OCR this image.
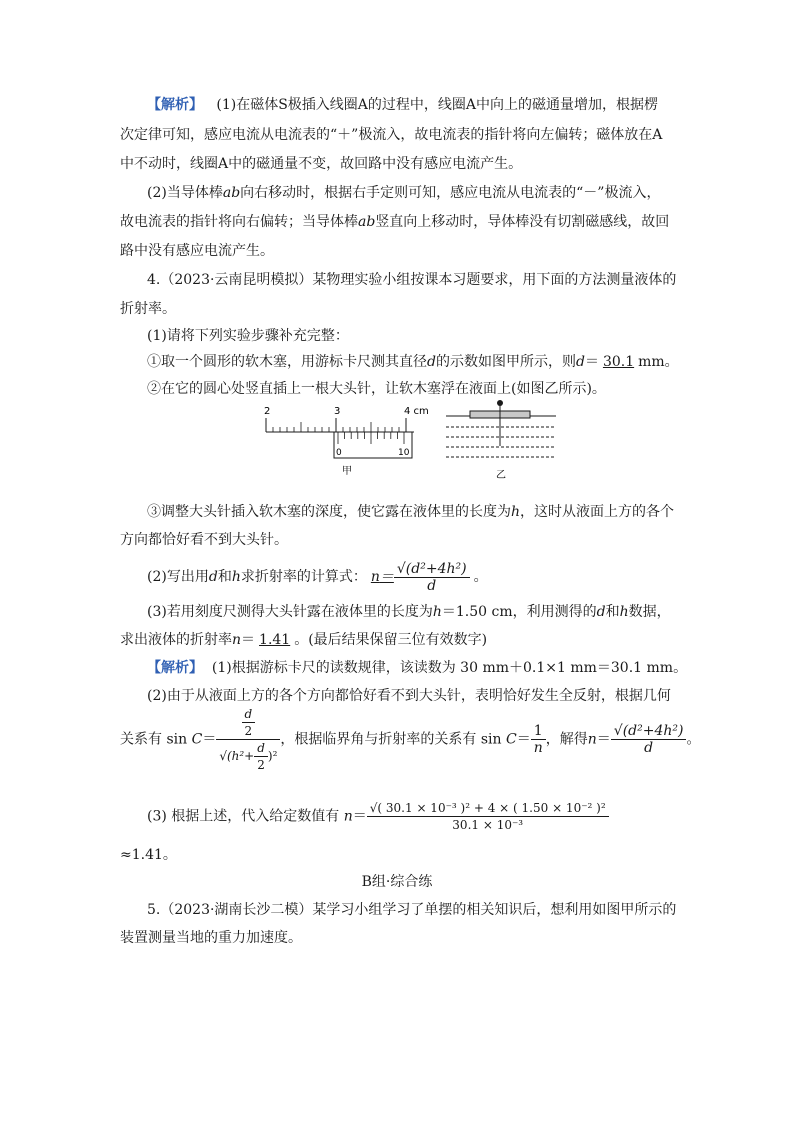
【解析】 (1)在磁体S极插入线圈A的过程中，线圈A中向上的磁通量增加，根据楞
次定律可知，感应电流从电流表的“＋”极流入，故电流表的指针将向左偏转；磁体放在A
中不动时，线圈A中的磁通量不变，故回路中没有感应电流产生。
(2)当导体棒ab向右移动时，根据右手定则可知，感应电流从电流表的“－”极流入，
故电流表的指针将向右偏转；当导体棒ab竖直向上移动时，导体棒没有切割磁感线，故回
路中没有感应电流产生。
4.（2023·云南昆明模拟）某物理实验小组按课本习题要求，用下面的方法测量液体的
折射率。
(1)请将下列实验步骤补充完整：
①取一个圆形的软木塞，用游标卡尺测其直径d的示数如图甲所示，则d＝ 30.1 mm。
②在它的圆心处竖直插上一根大头针，让软木塞浮在液面上(如图乙所示)。
2	3	4 cm
0	10
甲	乙
③调整大头针插入软木塞的深度，使它露在液体里的长度为h，这时从液面上方的各个
方向都恰好看不到大头针。
(2)写出用d和h求折射率的计算式： $n= \frac{\text{√(d²+4h²)}}{d}$ 。
(3)若用刻度尺测得大头针露在液体里的长度为h＝1.50 cm，利用测得的d和h数据，
求出液体的折射率n＝ 1.41 。(最后结果保留三位有效数字)
【解析】 (1)根据游标卡尺的读数规律，该读数为 30 mm＋0.1×1 mm＝30.1 mm。
(2)由于从液面上方的各个方向都恰好看不到大头针，表明恰好发生全反射，根据几何
关系有 $\sin C= \frac{\frac{d}{2}}{√(h^2+ \frac{d}{2} )^2}$ ，根据临界角与折射率的关系有 $\sin C= \frac{1}{n}$ ，解得$n= \frac{\text{√(d²+4h²)}}{d}$ 。
(3) 根据上述，代入给定数值有 $n= \frac{\text{√( 30.1 × 10⁻³ )² + 4 × ( 1.50 × 10⁻² )²}}{\text{30.1 × 10⁻³}}$
≈1.41。
B组·综合练
5.（2023·湖南长沙二模）某学习小组学习了单摆的相关知识后，想利用如图甲所示的
装置测量当地的重力加速度。
